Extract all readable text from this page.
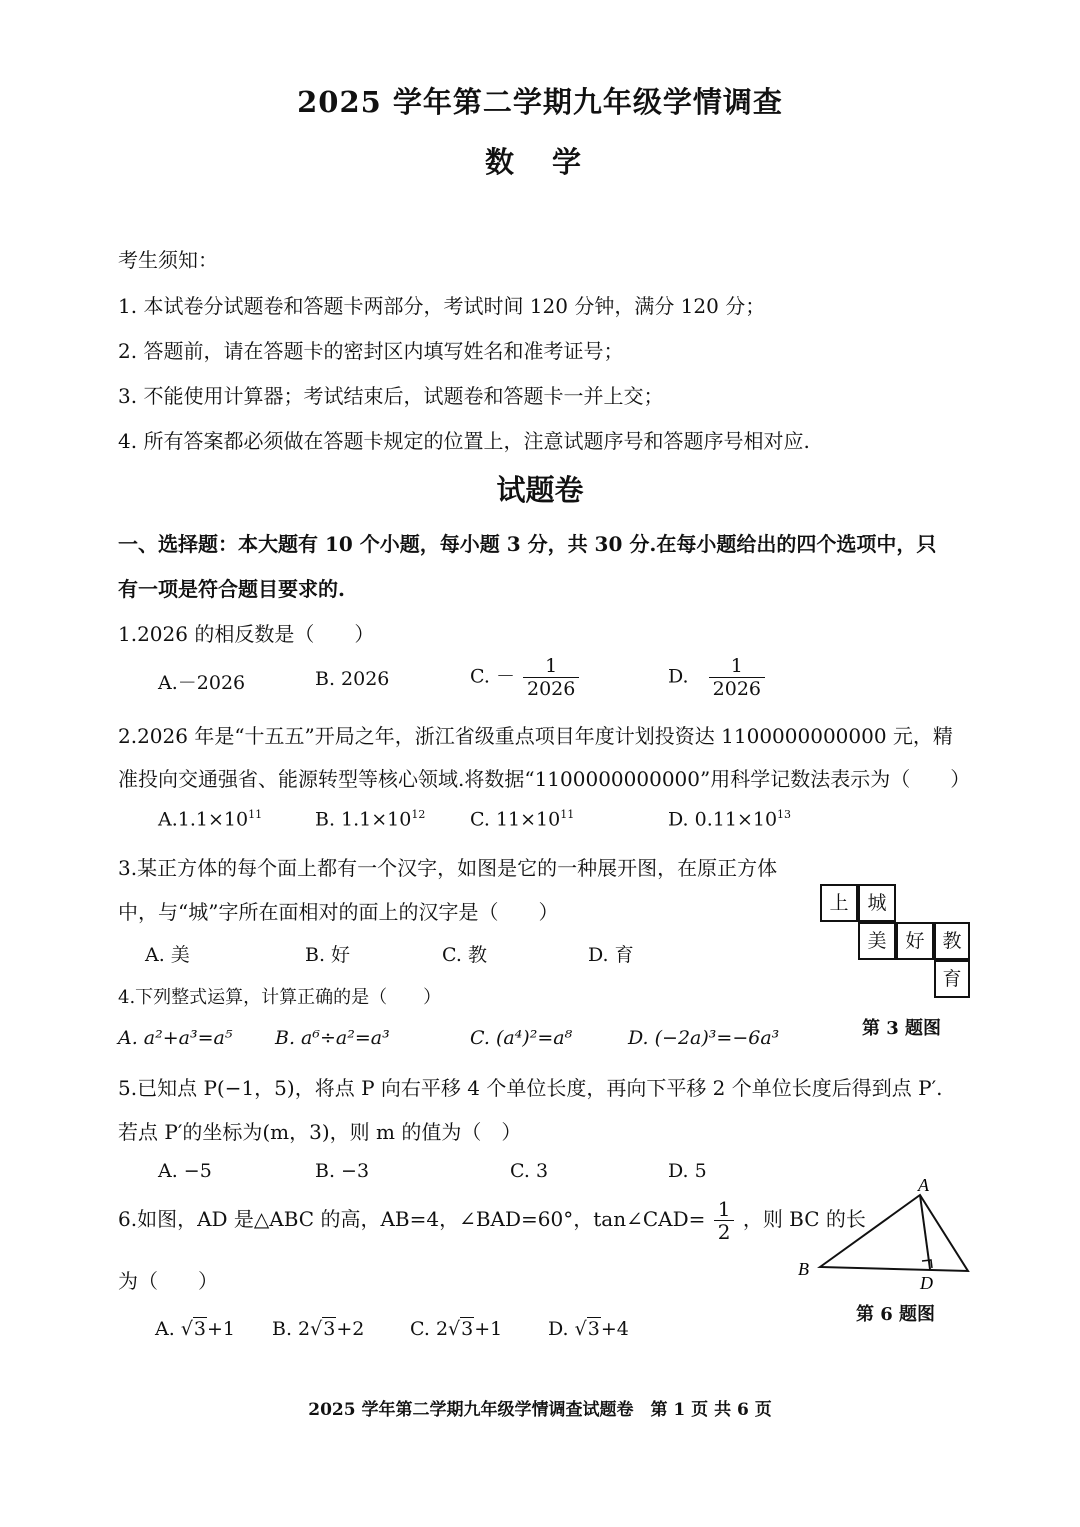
2025 学年第二学期九年级学情调查
数 学
考生须知：
1. 本试卷分试题卷和答题卡两部分，考试时间 120 分钟，满分 120 分；
2. 答题前，请在答题卡的密封区内填写姓名和准考证号；
3. 不能使用计算器；考试结束后，试题卷和答题卡一并上交；
4. 所有答案都必须做在答题卡规定的位置上，注意试题序号和答题序号相对应.
试题卷
一、选择题：本大题有 10 个小题，每小题 3 分，共 30 分.在每小题给出的四个选项中，只
有一项是符合题目要求的.
1.2026 的相反数是（　　）
A.－2026	B. 2026	C. － $\frac{1}{2026}$	D. $\frac{1}{2026}$
2.2026 年是“十五五”开局之年，浙江省级重点项目年度计划投资达 1100000000000 元，精
准投向交通强省、能源转型等核心领域.将数据“1100000000000”用科学记数法表示为（　　）
$A.1.1\times 10^{11}$	B. $1.1\times 10^{12}$ C. $11\times 10^{11}$	D. $0.11\times 10^{13}$
3.某正方体的每个面上都有一个汉字，如图是它的一种展开图，在原正方体
中，与“城”字所在面相对的面上的汉字是（　　）
A. 美	B. 好	C. 教	D. 育
上 城
美 好 教
育
第 3 题图
4.下列整式运算，计算正确的是（　　）
A. a²+a³=a⁵ B. a⁶÷a²=a³	C. (a⁴)²=a⁸	D. (−2a)³=−6a³
5.已知点 P(−1，5)，将点 P 向右平移 4 个单位长度，再向下平移 2 个单位长度后得到点 P′.
若点 P′的坐标为(m，3)，则 m 的值为（　）
A. −5	B. −3	C. 3	D. 5
6.如图，AD 是△ABC 的高，AB=4，∠BAD=60°，tan∠CAD= $\frac{1}{2}$ ，则 BC 的长
为（　　）
A. √3+1 B. 2√3+2 C. 2√3+1 D. √3+4
A
B
D
第 6 题图
2025 学年第二学期九年级学情调查试题卷　第 1 页 共 6 页
